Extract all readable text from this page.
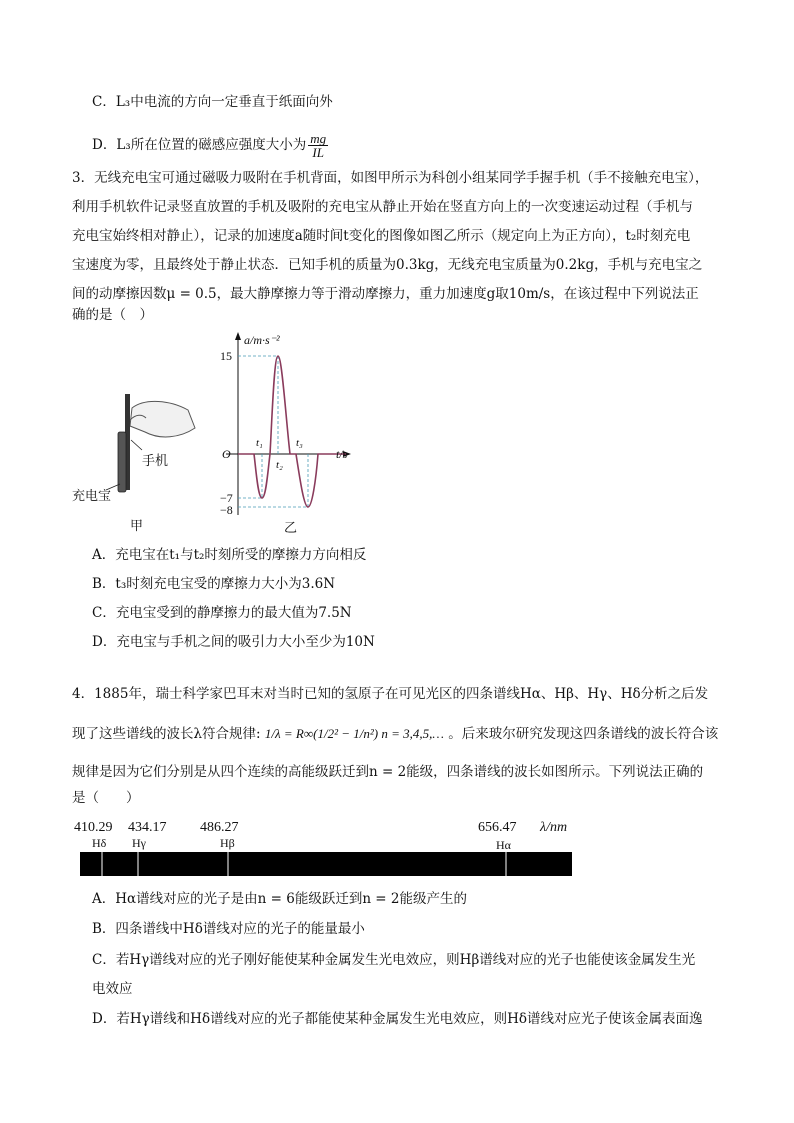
C．L₃中电流的方向一定垂直于纸面向外
D．L₃所在位置的磁感应强度大小为 $\frac{mg}{IL}$
3．无线充电宝可通过磁吸力吸附在手机背面，如图甲所示为科创小组某同学手握手机（手不接触充电宝），
利用手机软件记录竖直放置的手机及吸附的充电宝从静止开始在竖直方向上的一次变速运动过程（手机与
充电宝始终相对静止），记录的加速度a随时间t变化的图像如图乙所示（规定向上为正方向），t₂时刻充电
宝速度为零，且最终处于静止状态．已知手机的质量为0.3kg，无线充电宝质量为0.2kg，手机与充电宝之
间的动摩擦因数μ = 0.5，最大静摩擦力等于滑动摩擦力，重力加速度g取10m/s，在该过程中下列说法正
确的是（　）
手机
充电宝
甲
a/m·s⁻²
t/s
O
15
−7
−8
t₁
t₂
t₃
乙
A．充电宝在t₁与t₂时刻所受的摩擦力方向相反
B．t₃时刻充电宝受的摩擦力大小为3.6N
C．充电宝受到的静摩擦力的最大值为7.5N
D．充电宝与手机之间的吸引力大小至少为10N
4．1885年，瑞士科学家巴耳末对当时已知的氢原子在可见光区的四条谱线Hα、Hβ、Hγ、Hδ分析之后发
现了这些谱线的波长λ符合规律: 1/λ = R∞(1/2² − 1/n²) n = 3,4,5,… 。后来玻尔研究发现这四条谱线的波长符合该
规律是因为它们分别是从四个连续的高能级跃迁到n = 2能级，四条谱线的波长如图所示。下列说法正确的
是（　　）
410.29 434.17 486.27	656.47 λ/nm
Hδ Hγ	Hβ	Hα
A．Hα谱线对应的光子是由n = 6能级跃迁到n = 2能级产生的
B．四条谱线中Hδ谱线对应的光子的能量最小
C．若Hγ谱线对应的光子刚好能使某种金属发生光电效应，则Hβ谱线对应的光子也能使该金属发生光
电效应
D．若Hγ谱线和Hδ谱线对应的光子都能使某种金属发生光电效应，则Hδ谱线对应光子使该金属表面逸
